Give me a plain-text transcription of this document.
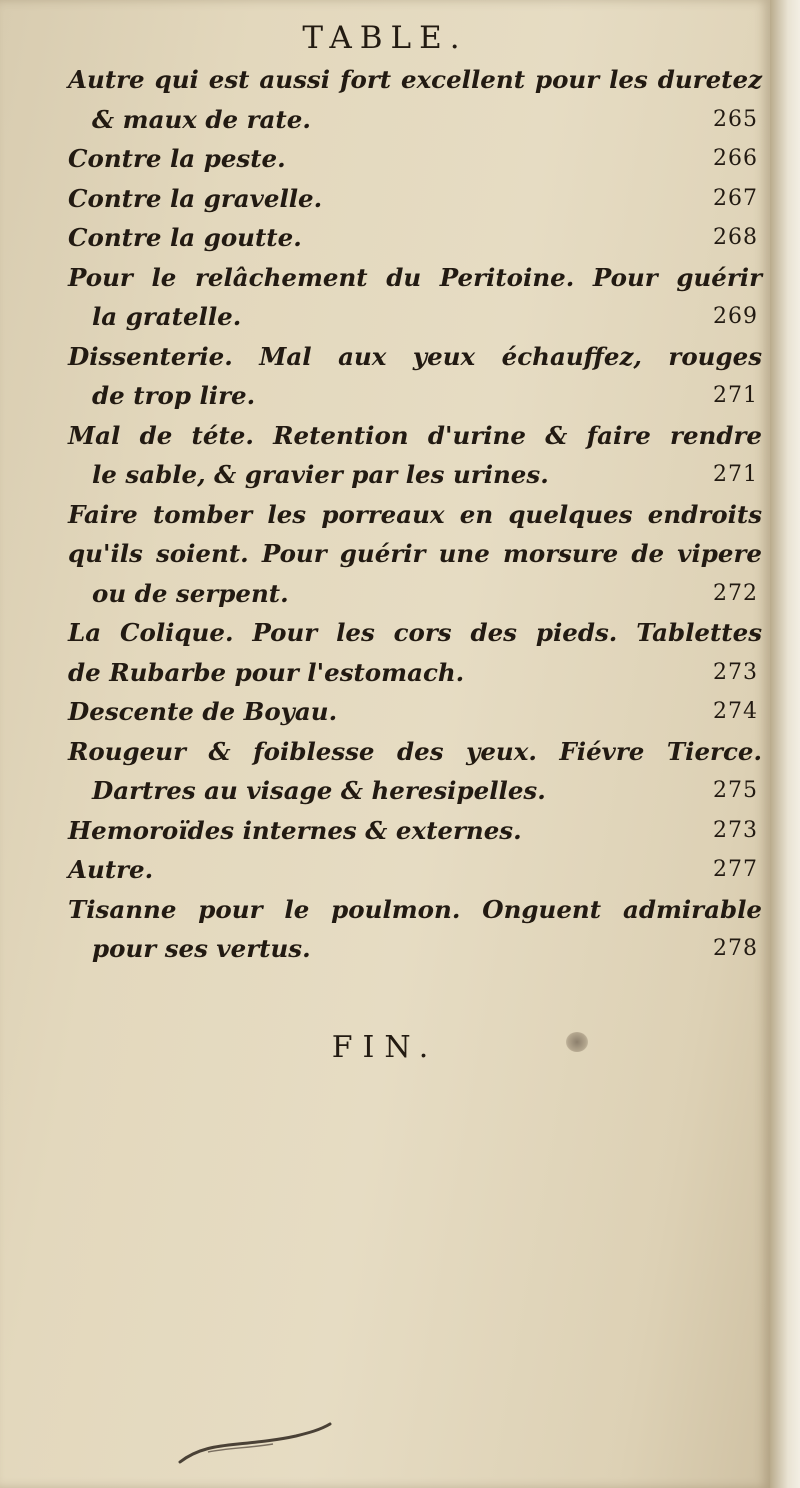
TABLE.
Autre qui est aussi fort excellent pour les duretez
& maux de rate.	265
Contre la peste.	266
Contre la gravelle.	267
Contre la goutte.	268
Pour le relâchement du Peritoine. Pour guérir
la gratelle.	269
Dissenterie. Mal aux yeux échauffez, rouges
de trop lire.	271
Mal de téte. Retention d'urine & faire rendre
le sable, & gravier par les urines.	271
Faire tomber les porreaux en quelques endroits
qu'ils soient. Pour guérir une morsure de vipere
ou de serpent.	272
La Colique. Pour les cors des pieds. Tablettes
de Rubarbe pour l'estomach.	273
Descente de Boyau.	274
Rougeur & foiblesse des yeux. Fiévre Tierce.
Dartres au visage & heresipelles.	275
Hemoroïdes internes & externes.	273
Autre.	277
Tisanne pour le poulmon. Onguent admirable
pour ses vertus.	278
FIN.
